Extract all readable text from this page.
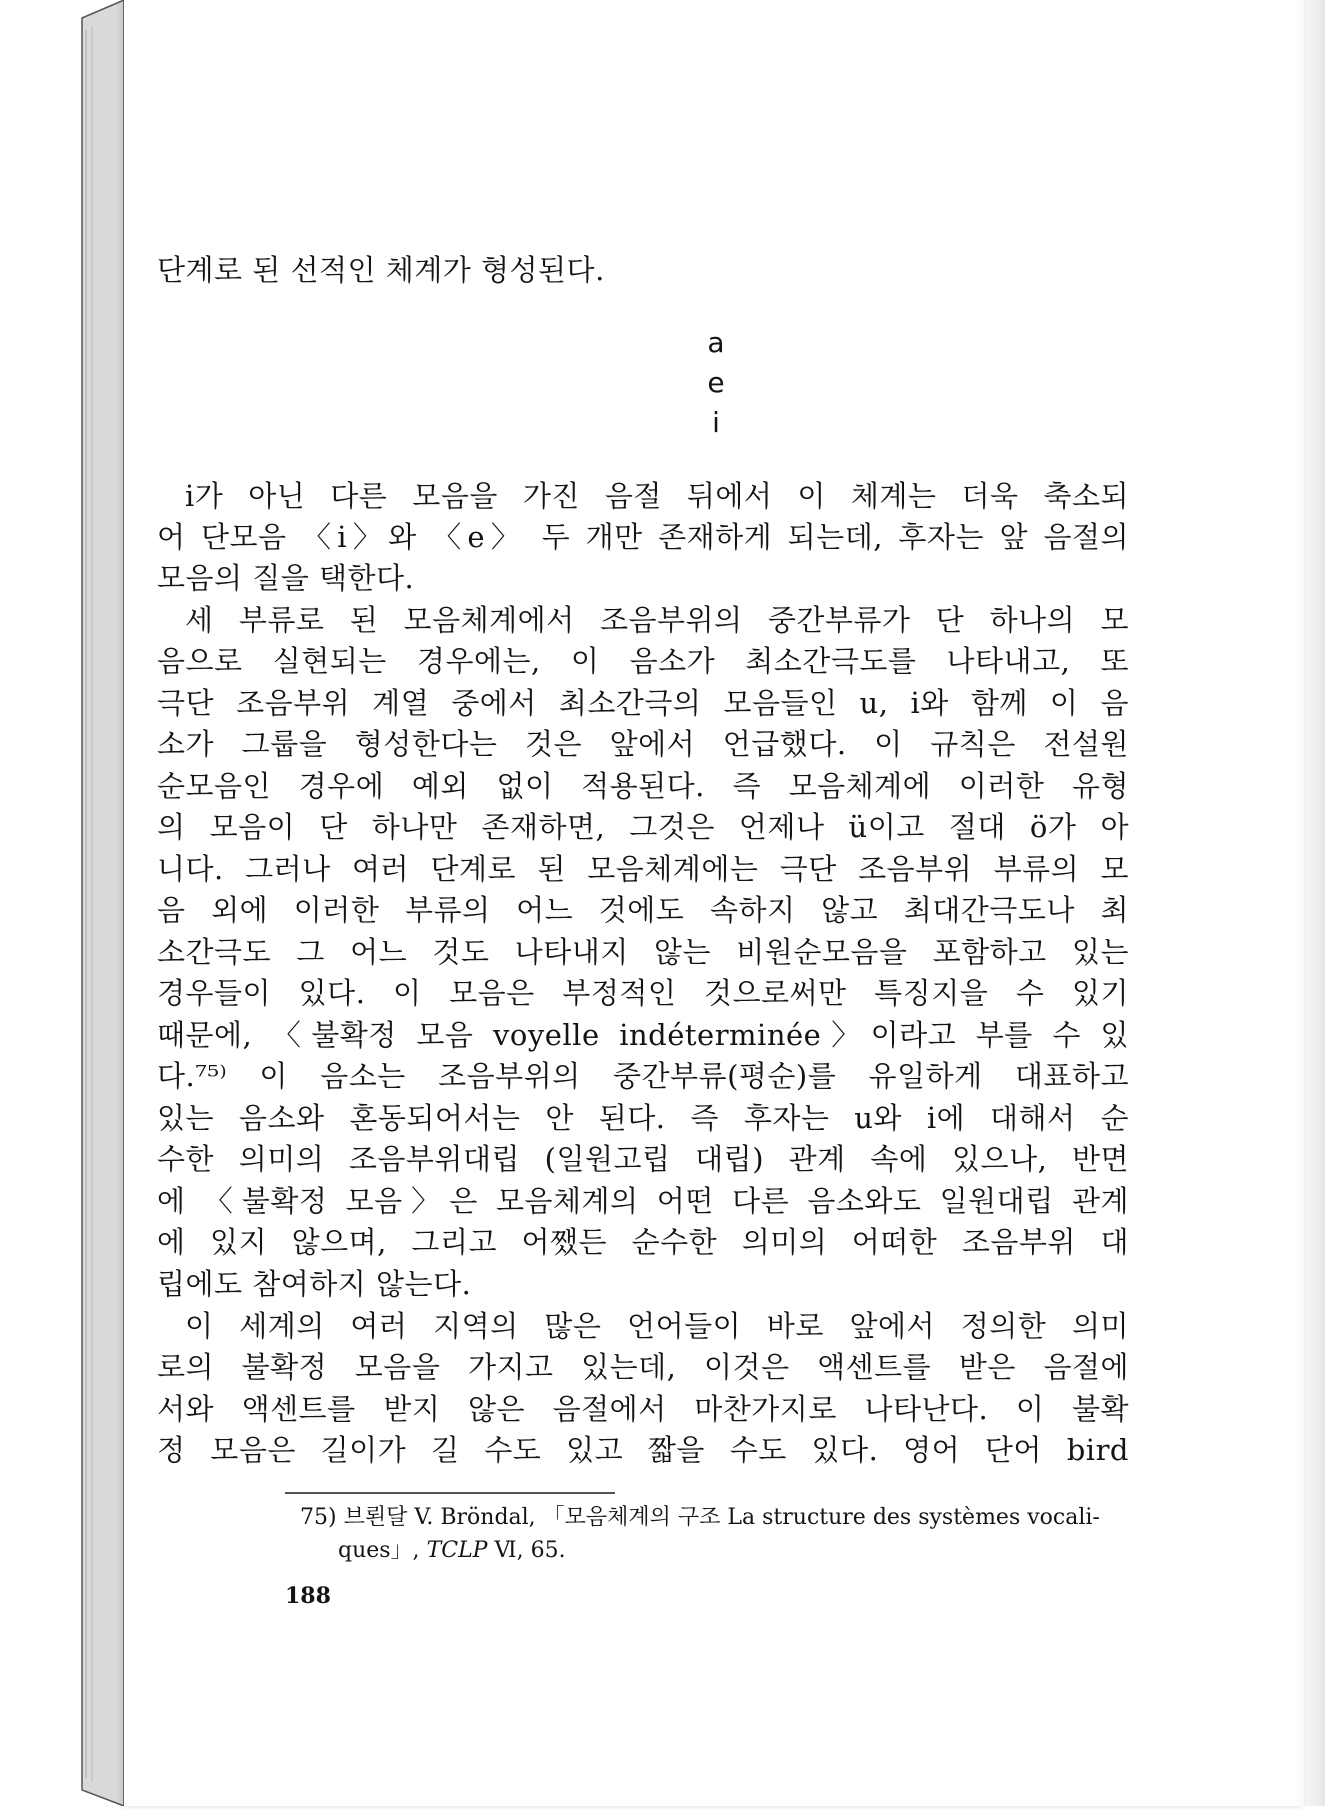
단계로 된 선적인 체계가 형성된다.
a
e
i
i가 아닌 다른 모음을 가진 음절 뒤에서 이 체계는 더욱 축소되
어 단모음 〈i〉와 〈e〉 두 개만 존재하게 되는데, 후자는 앞 음절의
모음의 질을 택한다.
세 부류로 된 모음체계에서 조음부위의 중간부류가 단 하나의 모
음으로 실현되는 경우에는, 이 음소가 최소간극도를 나타내고, 또
극단 조음부위 계열 중에서 최소간극의 모음들인 u, i와 함께 이 음
소가 그룹을 형성한다는 것은 앞에서 언급했다. 이 규칙은 전설원
순모음인 경우에 예외 없이 적용된다. 즉 모음체계에 이러한 유형
의 모음이 단 하나만 존재하면, 그것은 언제나 ü이고 절대 ö가 아
니다. 그러나 여러 단계로 된 모음체계에는 극단 조음부위 부류의 모
음 외에 이러한 부류의 어느 것에도 속하지 않고 최대간극도나 최
소간극도 그 어느 것도 나타내지 않는 비원순모음을 포함하고 있는
경우들이 있다. 이 모음은 부정적인 것으로써만 특징지을 수 있기
때문에, 〈불확정 모음 voyelle indéterminée〉이라고 부를 수 있
다.⁷⁵⁾ 이 음소는 조음부위의 중간부류(평순)를 유일하게 대표하고
있는 음소와 혼동되어서는 안 된다. 즉 후자는 u와 i에 대해서 순
수한 의미의 조음부위대립 (일원고립 대립) 관계 속에 있으나, 반면
에 〈불확정 모음〉은 모음체계의 어떤 다른 음소와도 일원대립 관계
에 있지 않으며, 그리고 어쨌든 순수한 의미의 어떠한 조음부위 대
립에도 참여하지 않는다.
이 세계의 여러 지역의 많은 언어들이 바로 앞에서 정의한 의미
로의 불확정 모음을 가지고 있는데, 이것은 액센트를 받은 음절에
서와 액센트를 받지 않은 음절에서 마찬가지로 나타난다. 이 불확
정 모음은 길이가 길 수도 있고 짧을 수도 있다. 영어 단어 bird
75) 브뢴달 V. Bröndal, 「모음체계의 구조 La structure des systèmes vocali-
ques」, TCLP Ⅵ, 65.
188
